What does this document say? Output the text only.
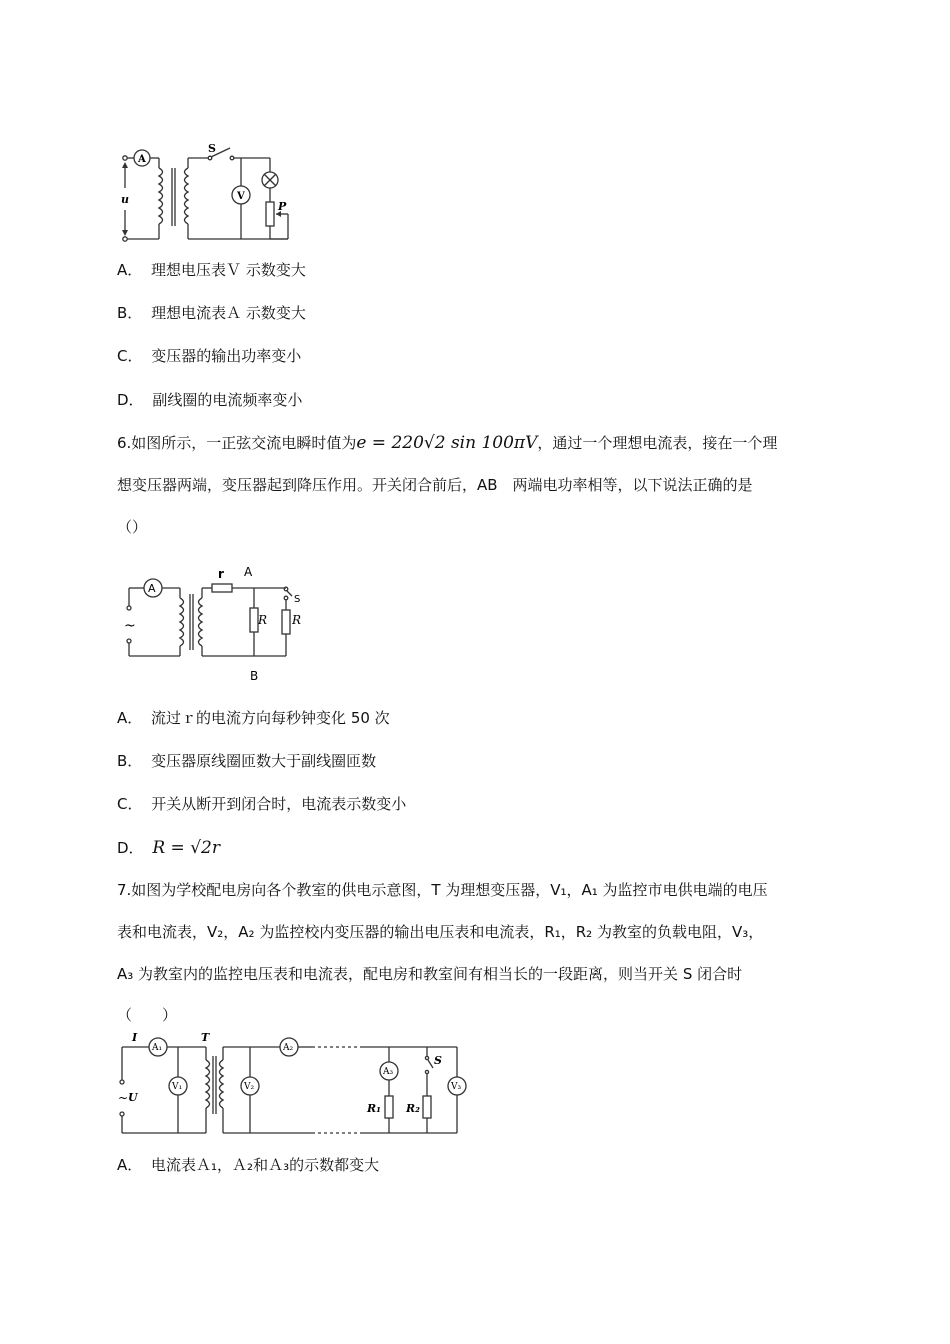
A
u
S
V
P
A． 理想电压表Ｖ 示数变大
B． 理想电流表Ａ 示数变大
C． 变压器的输出功率变小
D． 副线圈的电流频率变小
6.如图所示，一正弦交流电瞬时值为e = 220√2 sin 100πV，通过一个理想电流表，接在一个理
想变压器两端，变压器起到降压作用。开关闭合前后，AB　两端电功率相等，以下说法正确的是
（）
A
~
r A
S
R R
B
A． 流过ｒ的电流方向每秒钟变化 50 次
B． 变压器原线圈匝数大于副线圈匝数
C． 开关从断开到闭合时，电流表示数变小
D． R = √2r
7.如图为学校配电房向各个教室的供电示意图，T 为理想变压器，V₁，A₁ 为监控市电供电端的电压
表和电流表，V₂，A₂ 为监控校内变压器的输出电压表和电流表，R₁，R₂ 为教室的负载电阻，V₃，
A₃ 为教室内的监控电压表和电流表，配电房和教室间有相当长的一段距离，则当开关 S 闭合时
（　　）
A₁
V₁
A₂
V₂
A₃
V₃
I
U
T
R₁ R₂
S
~
A． 电流表Ａ₁，Ａ₂和Ａ₃的示数都变大
